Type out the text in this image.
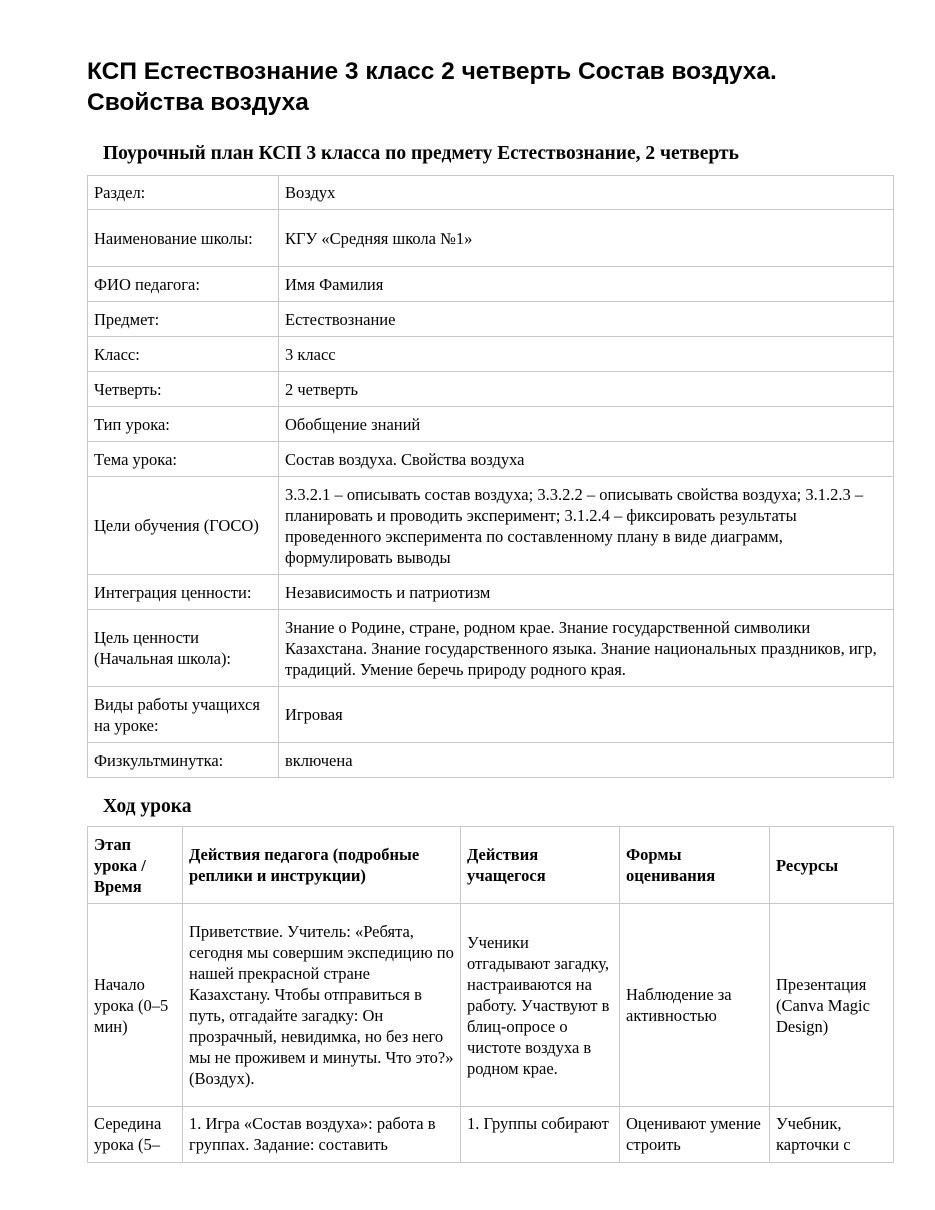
КСП Естествознание 3 класс 2 четверть Состав воздуха. Свойства воздуха
Поурочный план КСП 3 класса по предмету Естествознание, 2 четверть
Раздел:	Воздух
Наименование школы:	КГУ «Средняя школа №1»
ФИО педагога:	Имя Фамилия
Предмет:	Естествознание
Класс:	3 класс
Четверть:	2 четверть
Тип урока:	Обобщение знаний
Тема урока:	Состав воздуха. Свойства воздуха
Цели обучения (ГОСО)	3.3.2.1 – описывать состав воздуха; 3.3.2.2 – описывать свойства воздуха; 3.1.2.3 – планировать и проводить эксперимент; 3.1.2.4 – фиксировать результаты проведенного эксперимента по составленному плану в виде диаграмм, формулировать выводы
Интеграция ценности:	Независимость и патриотизм
Цель ценности (Начальная школа):	Знание о Родине, стране, родном крае. Знание государственной символики Казахстана. Знание государственного языка. Знание национальных праздников, игр, традиций. Умение беречь природу родного края.
Виды работы учащихся на уроке:	Игровая
Физкультминутка:	включена
Ход урока
Этап урока / Время	Действия педагога (подробные реплики и инструкции)	Действия учащегося	Формы оценивания	Ресурсы
Начало урока (0–5 мин)	Приветствие. Учитель: «Ребята, сегодня мы совершим экспедицию по нашей прекрасной стране Казахстану. Чтобы отправиться в путь, отгадайте загадку: Он прозрачный, невидимка, но без него мы не проживем и минуты. Что это?» (Воздух).	Ученики отгадывают загадку, настраиваются на работу. Участвуют в блиц-опросе о чистоте воздуха в родном крае.	Наблюдение за активностью	Презентация (Canva Magic Design)
Середина урока (5–	1. Игра «Состав воздуха»: работа в группах. Задание: составить	1. Группы собирают	Оценивают умение строить	Учебник, карточки с
